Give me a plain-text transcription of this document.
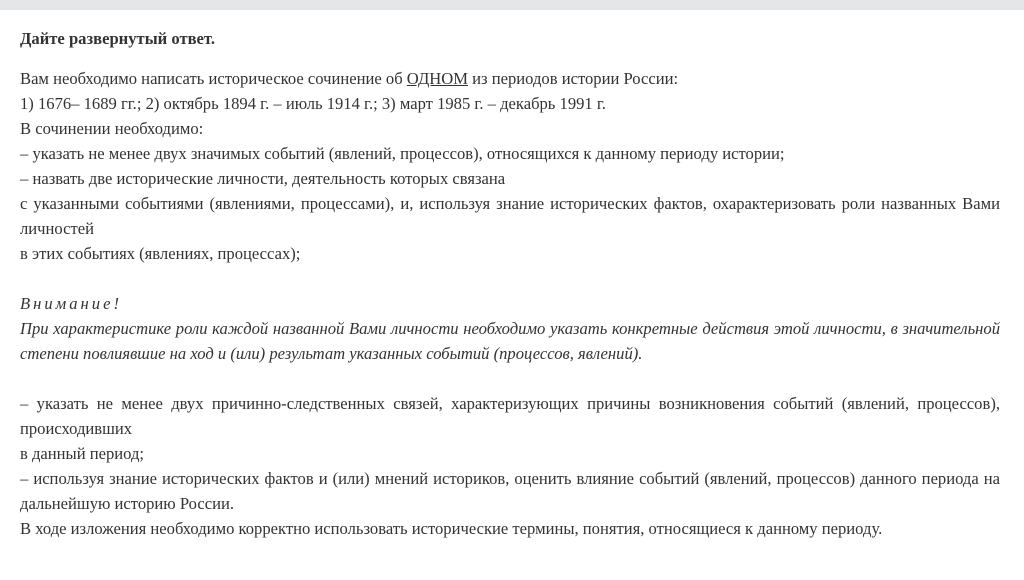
Дайте развернутый ответ.

Вам необходимо написать историческое сочинение об ОДНОМ из периодов истории России:

1) 1676– 1689 гг.; 2) октябрь 1894 г. – июль 1914 г.; 3) март 1985 г. – декабрь 1991 г.

В сочинении необходимо:

– указать не менее двух значимых событий (явлений, процессов), относящихся к данному периоду истории;

– назвать две исторические личности, деятельность которых связана

с указанными событиями (явлениями, процессами), и, используя знание исторических фактов, охарактеризовать роли названных Вами личностей

в этих событиях (явлениях, процессах);

Внимание!

При характеристике роли каждой названной Вами личности необходимо указать конкретные действия этой личности, в значительной степени повлиявшие на ход и (или) результат указанных событий (процессов, явлений).

– указать не менее двух причинно-следственных связей, характеризующих причины возникновения событий (явлений, процессов), происходивших

в данный период;

– используя знание исторических фактов и (или) мнений историков, оценить влияние событий (явлений, процессов) данного периода на дальнейшую историю России.

В ходе изложения необходимо корректно использовать исторические термины, понятия, относящиеся к данному периоду.
